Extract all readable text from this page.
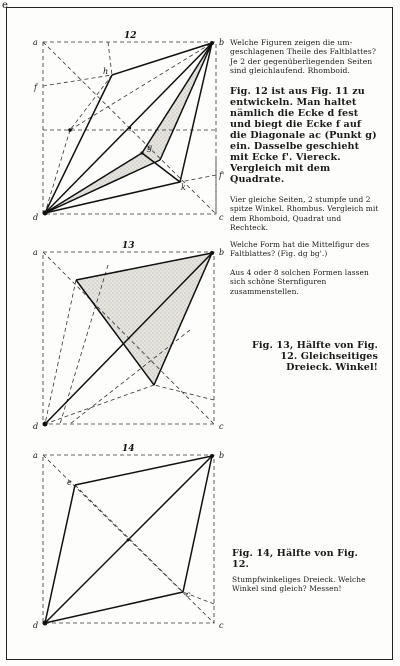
e
12
a	b
c
d
f
f'
g
h
k
13
a	b
c
d
14
a	b
c
d
e
c

Welche Figuren zeigen die umgeschlagenen Theile des Faltblattes? Je 2 der gegenüberliegenden Seiten sind gleichlaufend. Rhomboid.

Fig. 12 ist aus Fig. 11 zu entwickeln. Man haltet nämlich die Ecke d fest und biegt die Ecke f auf die Diagonale ac (Punkt g) ein. Dasselbe geschieht mit Ecke f'. Viereck. Vergleich mit dem Quadrate.

Vier gleiche Seiten, 2 stumpfe und 2 spitze Winkel. Rhombus. Vergleich mit dem Rhomboid, Quadrat und Rechteck.

Welche Form hat die Mittelfigur des Faltblattes? (Fig. dg bg'.)

Aus 4 oder 8 solchen Formen lassen sich schöne Sternfiguren zusammenstellen.

Fig. 13, Hälfte von Fig. 12. Gleichseitiges Dreieck. Winkel!

Fig. 14, Hälfte von Fig. 12.

Stumpfwinkeliges Dreieck. Welche Winkel sind gleich? Messen!
